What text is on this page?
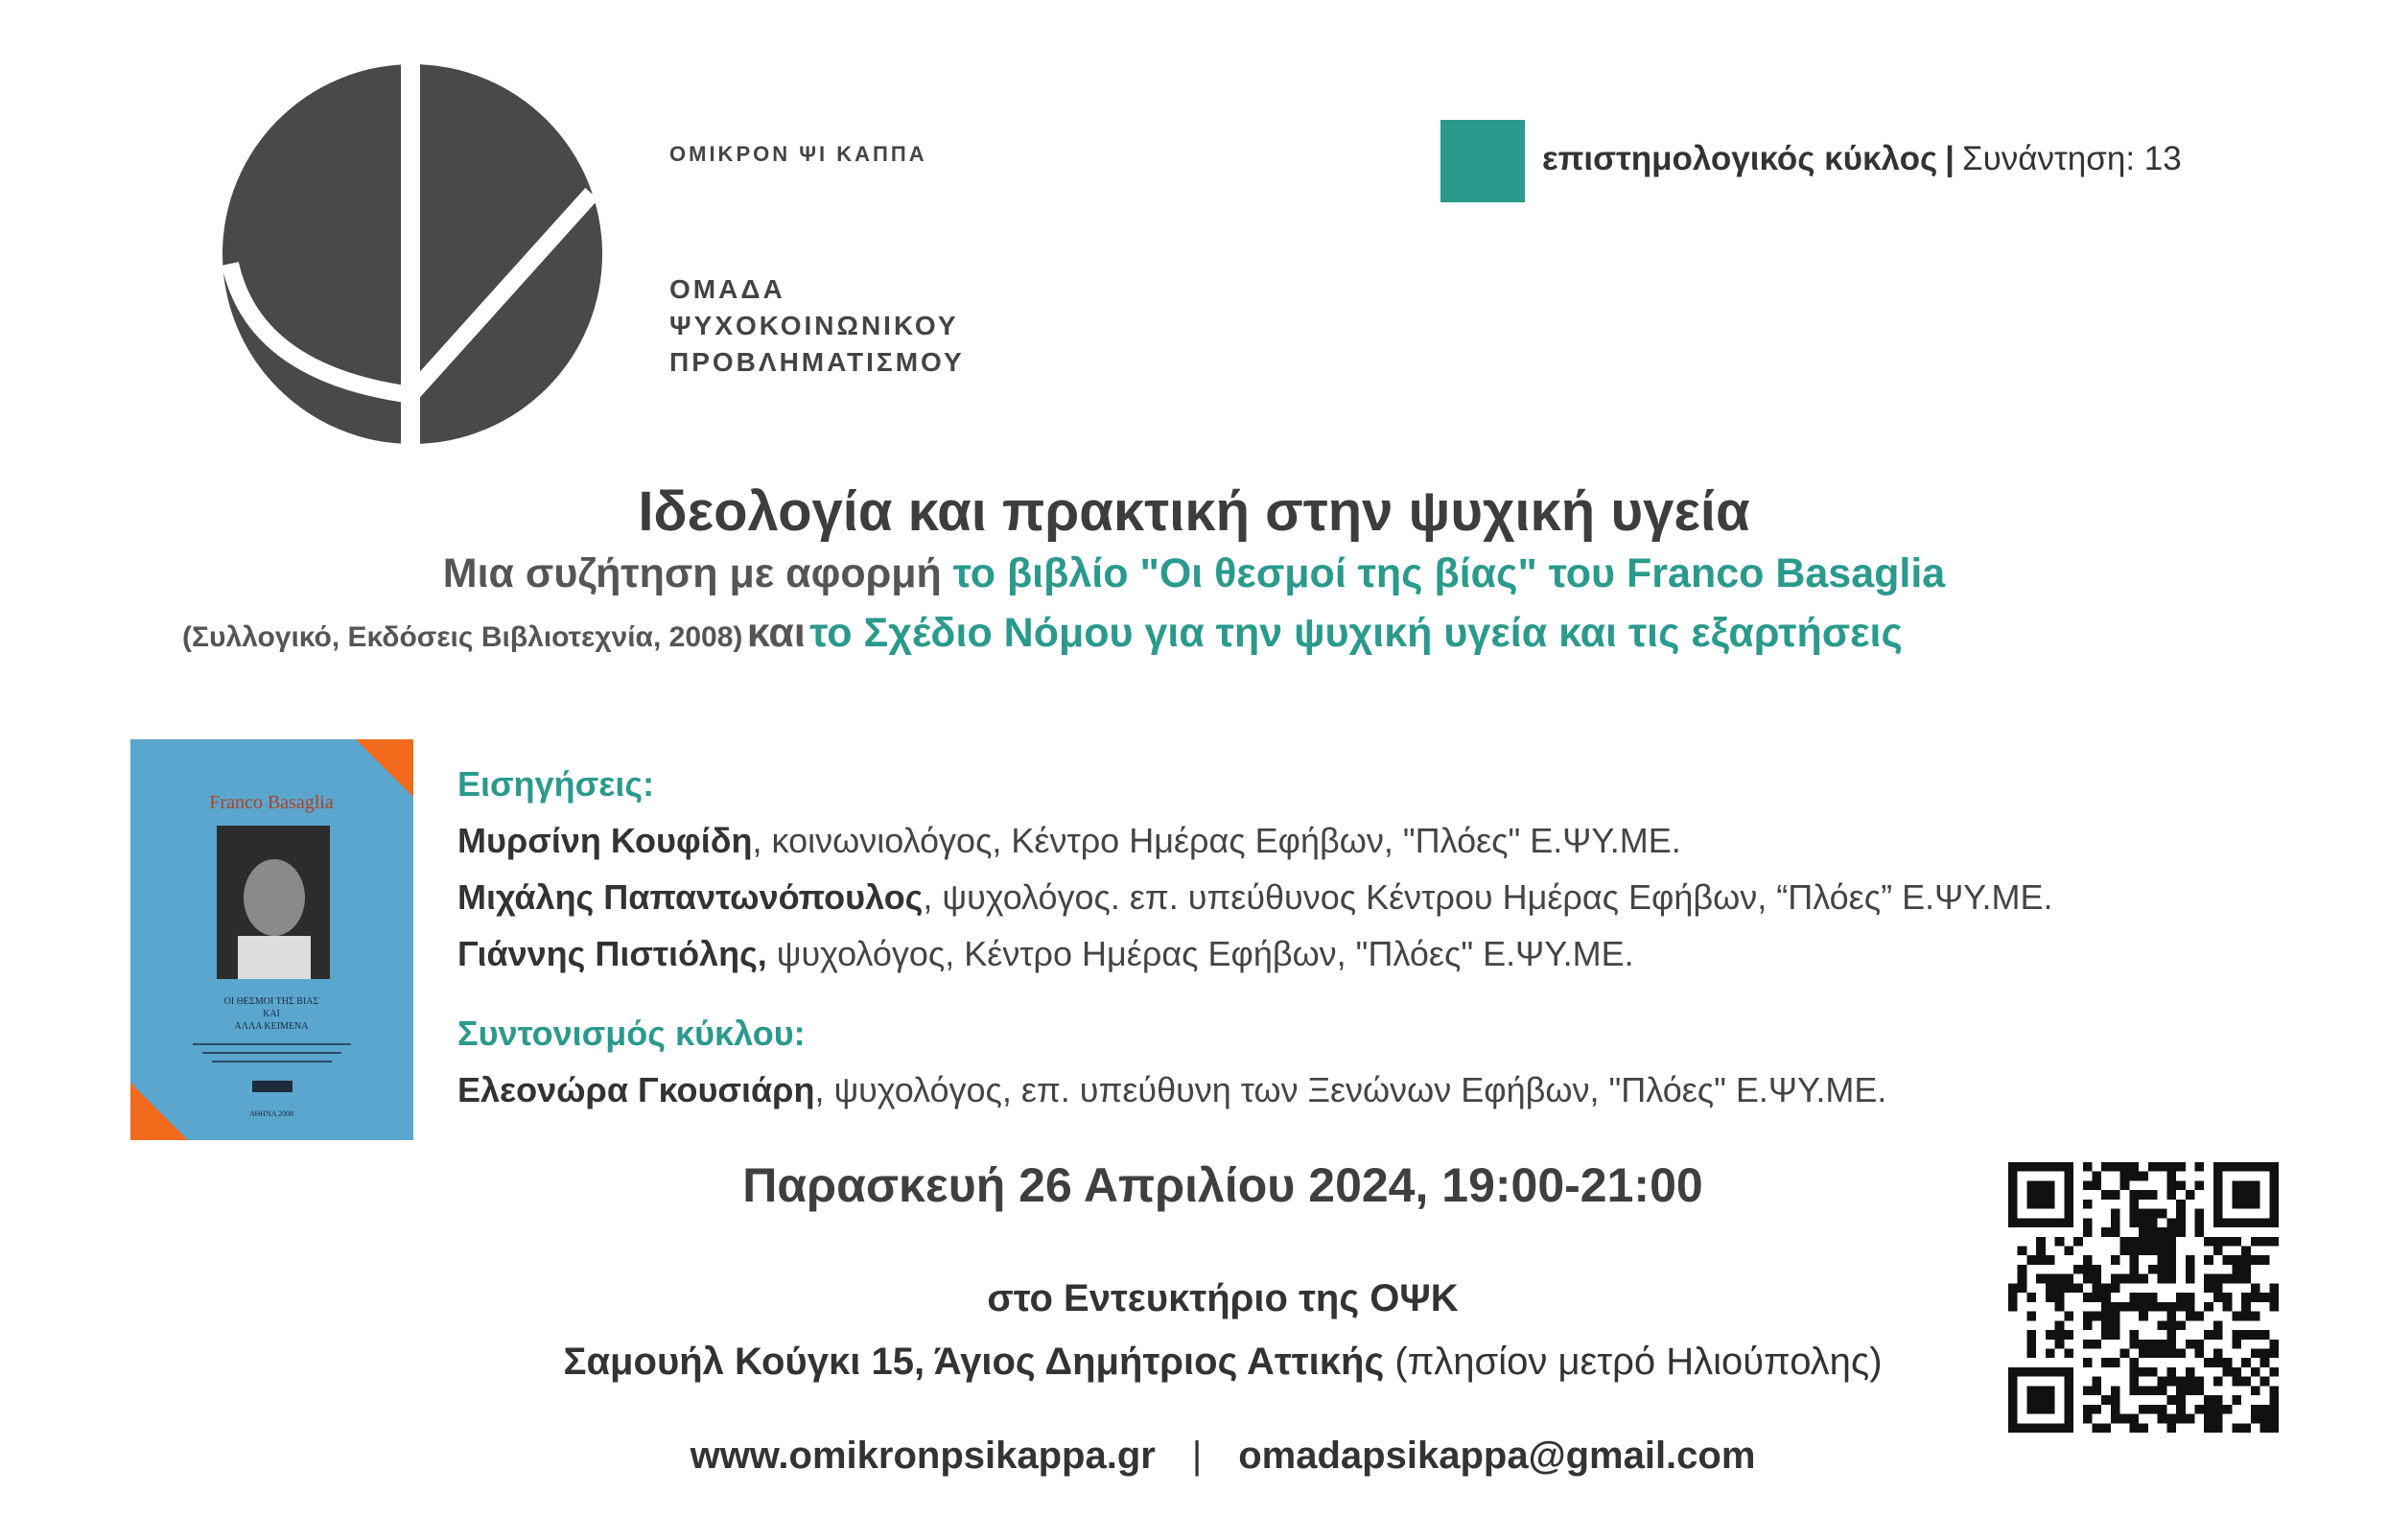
ΟΜΙΚΡΟΝ ΨΙ ΚΑΠΠΑ
ΟΜΑΔΑ
ΨΥΧΟΚΟΙΝΩΝΙΚΟΥ
ΠΡΟΒΛΗΜΑΤΙΣΜΟΥ
επιστημολογικός κύκλος | Συνάντηση: 13
Ιδεολογία και πρακτική στην ψυχική υγεία
Μια συζήτηση με αφορμή το βιβλίο "Οι θεσμοί της βίας" του Franco Basaglia
(Συλλογικό, Εκδόσεις Βιβλιοτεχνία, 2008) και το Σχέδιο Νόμου για την ψυχική υγεία και τις εξαρτήσεις
Franco Basaglia
ΟΙ ΘΕΣΜΟΙ ΤΗΣ ΒΙΑΣ
ΚΑΙ
ΑΛΛΑ ΚΕΙΜΕΝΑ
ΑΘΗΝΑ 2008
Εισηγήσεις:
Μυρσίνη Κουφίδη, κοινωνιολόγος, Κέντρο Ημέρας Εφήβων, "Πλόες" Ε.ΨΥ.ΜΕ.
Μιχάλης Παπαντωνόπουλος, ψυχολόγος. επ. υπεύθυνος Κέντρου Ημέρας Εφήβων, “Πλόες” Ε.ΨΥ.ΜΕ.
Γιάννης Πιστιόλης, ψυχολόγος, Κέντρο Ημέρας Εφήβων, "Πλόες" Ε.ΨΥ.ΜΕ.
Συντονισμός κύκλου:
Ελεονώρα Γκουσιάρη, ψυχολόγος, επ. υπεύθυνη των Ξενώνων Εφήβων, "Πλόες" Ε.ΨΥ.ΜΕ.
Παρασκευή 26 Απριλίου 2024, 19:00-21:00
στο Εντευκτήριο της ΟΨΚ
Σαμουήλ Κούγκι 15, Άγιος Δημήτριος Αττικής (πλησίον μετρό Ηλιούπολης)
www.omikronpsikappa.gr | omadapsikappa@gmail.com
